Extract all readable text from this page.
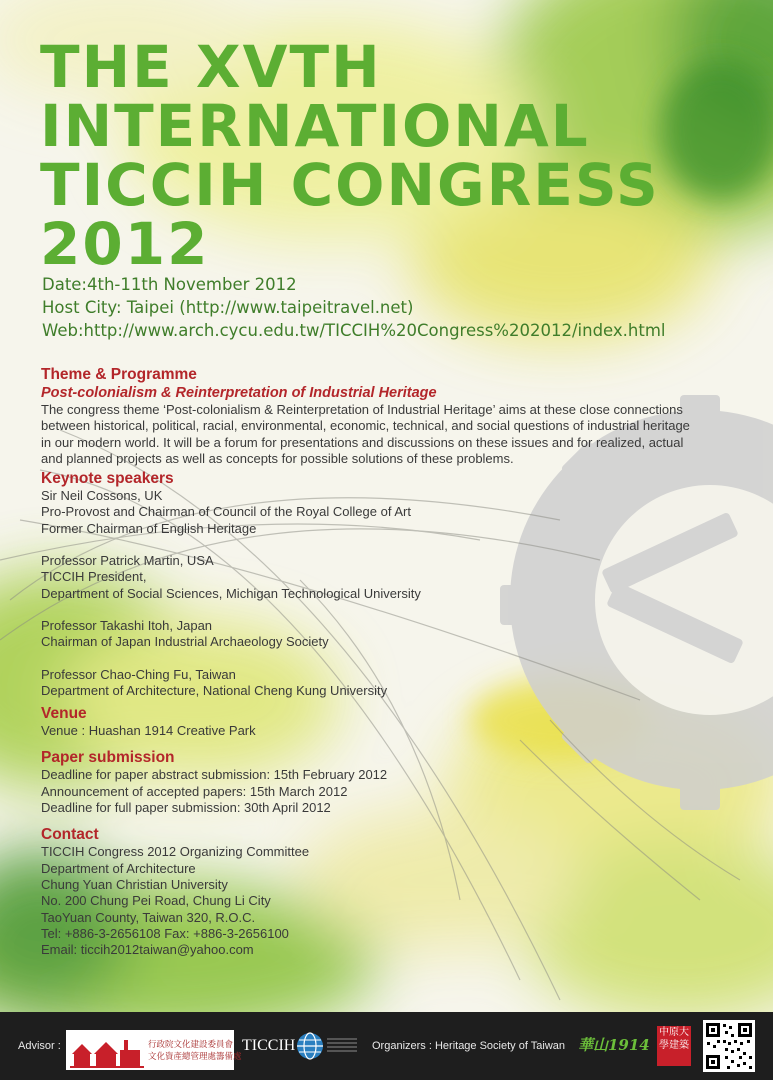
THE XVTH
INTERNATIONAL
TICCIH CONGRESS
2012
Date:4th-11th November 2012
Host City: Taipei (http://www.taipeitravel.net)
Web:http://www.arch.cycu.edu.tw/TICCIH%20Congress%202012/index.html
Theme & Programme
Post-colonialism & Reinterpretation of Industrial Heritage
The congress theme ‘Post-colonialism & Reinterpretation of Industrial Heritage’ aims at these close connections
between historical, political, racial, environmental, economic, technical, and social questions of industrial heritage
in our modern world. It will be a forum for presentations and discussions on these issues and for realized, actual
and planned projects as well as concepts for possible solutions of these problems.
Keynote speakers
Sir Neil Cossons, UK
Pro-Provost and Chairman of Council of the Royal College of Art
Former Chairman of English Heritage
Professor Patrick Martin, USA
TICCIH President,
Department of Social Sciences, Michigan Technological University
Professor Takashi Itoh, Japan
Chairman of Japan Industrial Archaeology Society
Professor Chao-Ching Fu, Taiwan
Department of Architecture, National Cheng Kung University
Venue
Venue : Huashan 1914 Creative Park
Paper submission
Deadline for paper abstract submission: 15th February 2012
Announcement of accepted papers: 15th March 2012
Deadline for full paper submission: 30th April 2012
Contact
TICCIH Congress 2012 Organizing Committee
Department of Architecture
Chung Yuan Christian University
No. 200 Chung Pei Road, Chung Li City
TaoYuan County, Taiwan 320, R.O.C.
Tel: +886-3-2656108 Fax: +886-3-2656100
Email: ticcih2012taiwan@yahoo.com
Advisor :	行政院文化建設委員會
文化資產總管理處籌備處
TICCIH	Organizers : Heritage Society of Taiwan 華山1914
中原大學建築
